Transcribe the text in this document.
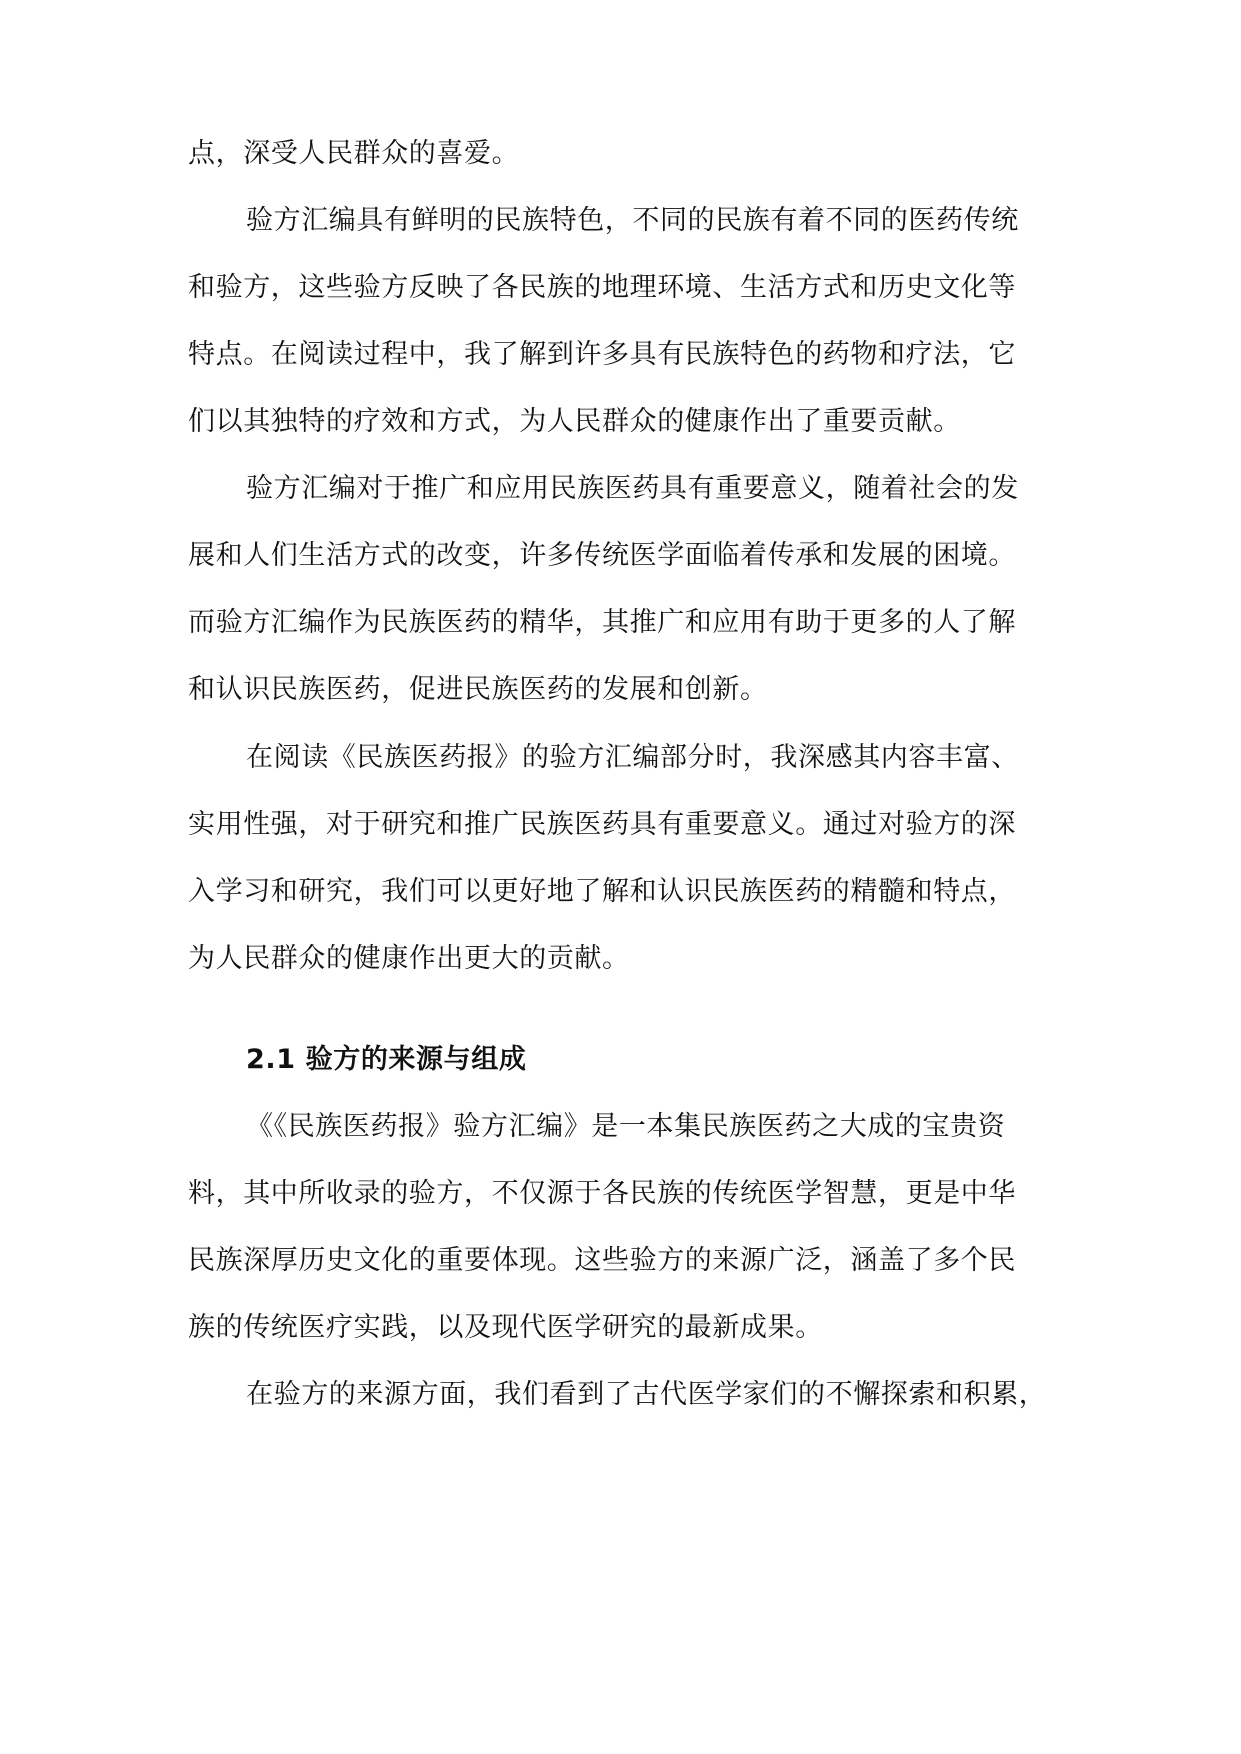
点，深受人民群众的喜爱。
验方汇编具有鲜明的民族特色，不同的民族有着不同的医药传统
和验方，这些验方反映了各民族的地理环境、生活方式和历史文化等
特点。在阅读过程中，我了解到许多具有民族特色的药物和疗法，它
们以其独特的疗效和方式，为人民群众的健康作出了重要贡献。
验方汇编对于推广和应用民族医药具有重要意义，随着社会的发
展和人们生活方式的改变，许多传统医学面临着传承和发展的困境。
而验方汇编作为民族医药的精华，其推广和应用有助于更多的人了解
和认识民族医药，促进民族医药的发展和创新。
在阅读《民族医药报》的验方汇编部分时，我深感其内容丰富、
实用性强，对于研究和推广民族医药具有重要意义。通过对验方的深
入学习和研究，我们可以更好地了解和认识民族医药的精髓和特点，
为人民群众的健康作出更大的贡献。
2.1 验方的来源与组成
《《民族医药报》验方汇编》是一本集民族医药之大成的宝贵资
料，其中所收录的验方，不仅源于各民族的传统医学智慧，更是中华
民族深厚历史文化的重要体现。这些验方的来源广泛，涵盖了多个民
族的传统医疗实践，以及现代医学研究的最新成果。
在验方的来源方面，我们看到了古代医学家们的不懈探索和积累，
